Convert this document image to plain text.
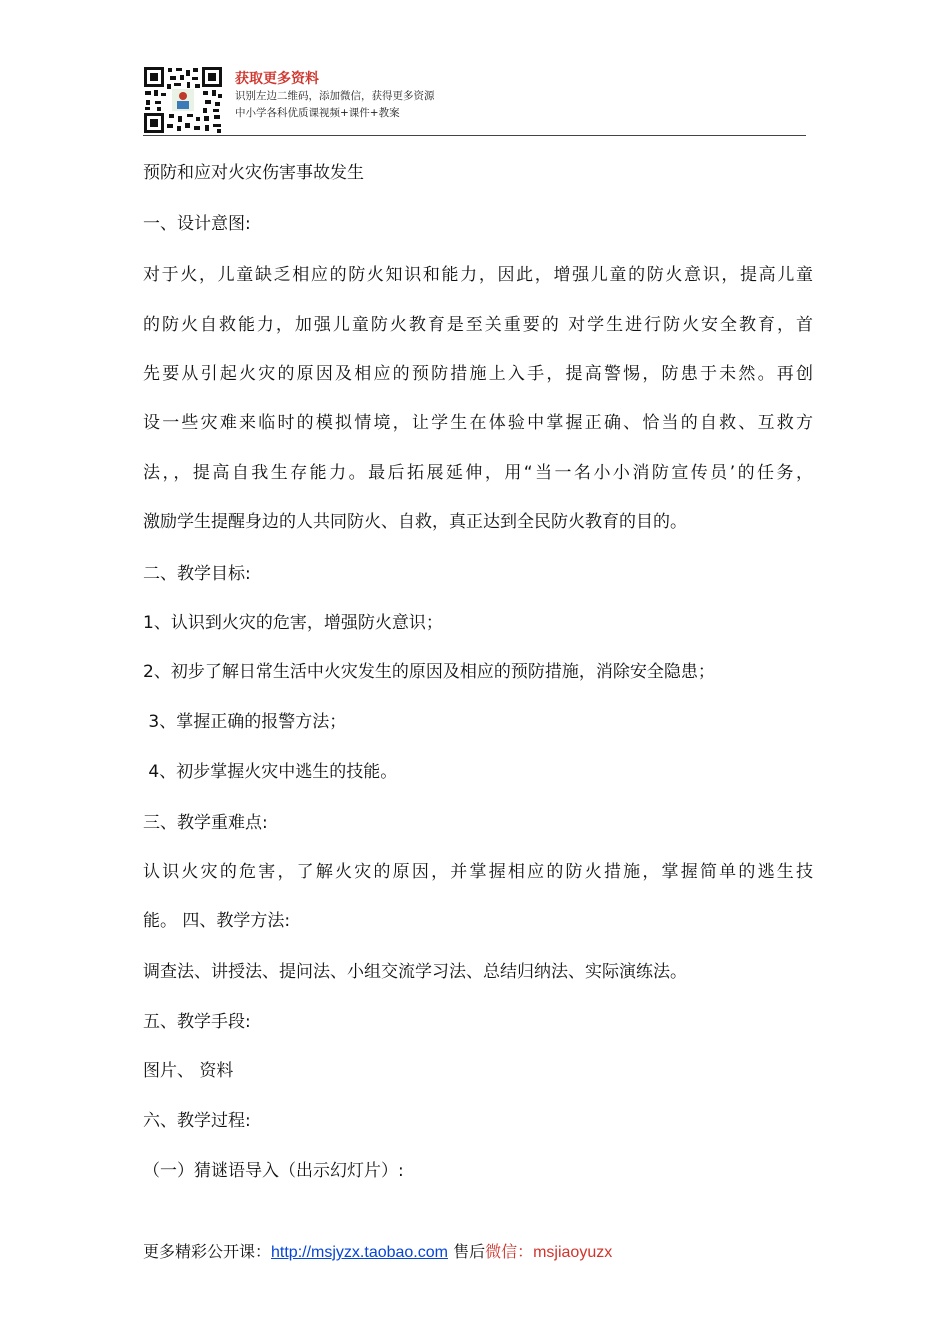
获取更多资料
识别左边二维码，添加微信，获得更多资源
中小学各科优质课视频+课件+教案

预防和应对火灾伤害事故发生

一、设计意图:

对于火，儿童缺乏相应的防火知识和能力，因此，增强儿童的防火意识，提高儿童

的防火自救能力，加强儿童防火教育是至关重要的 对学生进行防火安全教育，首

先要从引起火灾的原因及相应的预防措施上入手，提高警惕，防患于未然。再创

设一些灾难来临时的模拟情境，让学生在体验中掌握正确、恰当的自救、互救方

法，，提高自我生存能力。最后拓展延伸，用“当一名小小消防宣传员’的任务，

激励学生提醒身边的人共同防火、自救，真正达到全民防火教育的目的。

二、教学目标:

1、认识到火灾的危害，增强防火意识；

2、初步了解日常生活中火灾发生的原因及相应的预防措施，消除安全隐患；

3、掌握正确的报警方法；

4、初步掌握火灾中逃生的技能。

三、教学重难点:

认识火灾的危害，了解火灾的原因，并掌握相应的防火措施，掌握简单的逃生技

能。 四、教学方法:

调查法、讲授法、提问法、小组交流学习法、总结归纳法、实际演练法。

五、教学手段:

图片、 资料

六、教学过程:

（一）猜谜语导入（出示幻灯片）:

更多精彩公开课：http://msjyzx.taobao.com 售后微信：msjiaoyuzx
